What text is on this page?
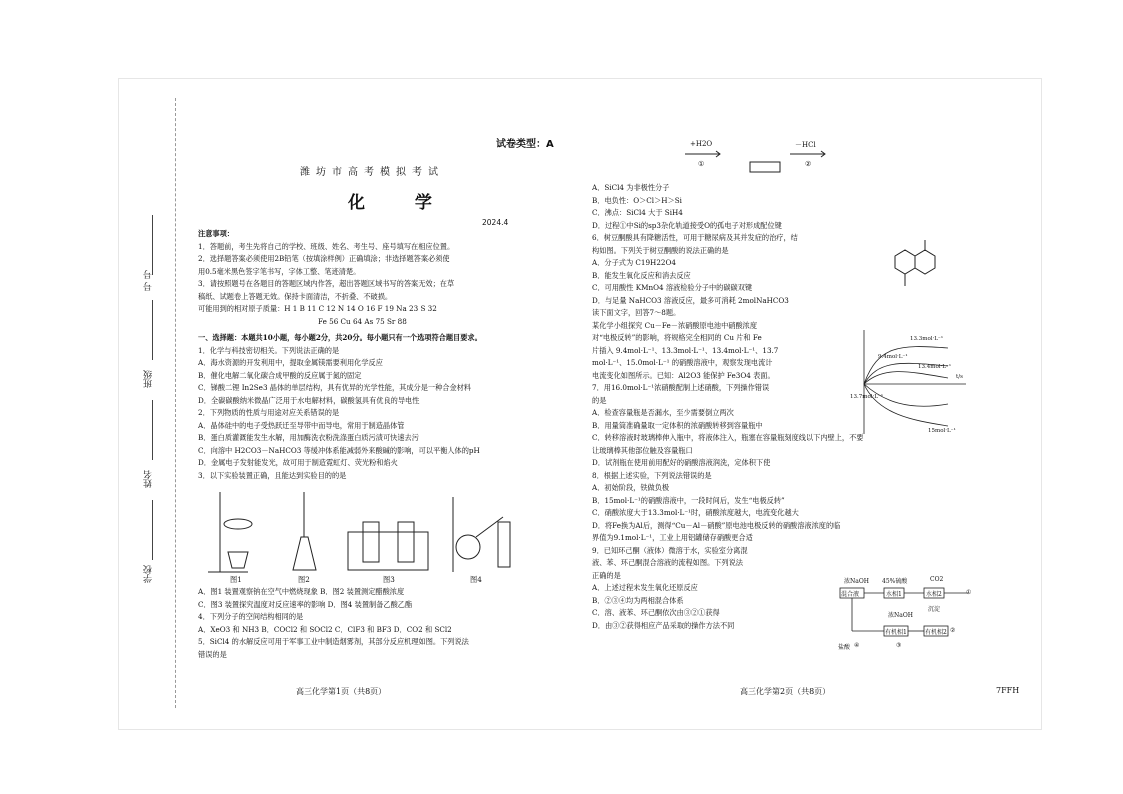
号 号
班级
姓名
学校
试卷类型：A
潍坊市高考模拟考试
化 学
2024.4

注意事项：

1．答题前，考生先将自己的学校、班级、姓名、考生号、座号填写在相应位置。

2．选择题答案必须使用2B铅笔（按填涂样例）正确填涂；非选择题答案必须使

用0.5毫米黑色签字笔书写，字体工整、笔迹清楚。

3．请按照题号在各题目的答题区域内作答，超出答题区域书写的答案无效；在草

稿纸、试题卷上答题无效。保持卡面清洁，不折叠、不破损。

可能用到的相对原子质量：H 1 B 11 C 12 N 14 O 16 F 19 Na 23 S 32

Fe 56 Cu 64 As 75 Sr 88

一、选择题：本题共10小题，每小题2分，共20分。每小题只有一个选项符合题目要求。

1．化学与科技密切相关。下列说法正确的是

A．海水资源的开发利用中，提取金属镁需要利用化学反应

B．催化电解二氧化碳合成甲酸的反应属于氮的固定

C．锑酸二锂 In2Se3 晶体的单层结构，具有优异的光学性能，其成分是一种合金材料

D．全碳碳酸纳米微晶广泛用于水电解材料，碳酸氢具有优良的导电性

2．下列物质的性质与用途对应关系错误的是

A．晶体硅中的电子受热跃迁至导带中而导电，常用于制造晶体管

B．蛋白质灌溉能发生水解，用加酶洗衣粉洗涤蛋白质污渍可快速去污

C．向溶中 H2CO3－NaHCO3 等缓冲体系能减弱外来酸碱的影响，可以平衡人体的pH

D．金属电子发射能发光，故可用于制造霓虹灯、荧光粉和焰火

3．以下实验装置正确，且能达到实验目的的是

图1	图2	图3	图4

A．图1 装置观察钠在空气中燃烧现象 B．图2 装置测定醋酸浓度

C．图3 装置探究温度对反应速率的影响 D．图4 装置制备乙酸乙酯

4．下列分子的空间结构相同的是

A．XeO3 和 NH3 B．COCl2 和 SOCl2 C．ClF3 和 BF3 D．CO2 和 SCl2

5．SiCl4 的水解反应可用于军事工业中制造烟雾剂，其部分反应机理如图。下列说法

错误的是

+H2O	－HCl
①	②
13.3mol·L⁻¹
9.4mol·L⁻¹
13.4mol·L⁻¹
13.7mol·L⁻¹
15mol·L⁻¹
t/s

A．SiCl4 为非极性分子

B．电负性：O＞Cl＞H＞Si

C．沸点：SiCl4 大于 SiH4

D．过程①中Si的sp3杂化轨道接受O的孤电子对形成配位键

6．树豆酮酸具有降糖活性，可用于糖尿病及其并发症的治疗，结

构如图。下列关于树豆酮酸的说法正确的是

A．分子式为 C19H22O4

B．能发生氧化反应和消去反应

C．可用酸性 KMnO4 溶液检验分子中的碳碳双键

D．与足量 NaHCO3 溶液反应，最多可消耗 2molNaHCO3

读下面文字，回答7～8题。

某化学小组探究 Cu－Fe－浓硝酸原电池中硝酸浓度

对“电极反转”的影响，将规格完全相同的 Cu 片和 Fe

片插入 9.4mol·L⁻¹、13.3mol·L⁻¹、13.4mol·L⁻¹、13.7

mol·L⁻¹、15.0mol·L⁻¹ 的硝酸溶液中，观察发现电流计

电流变化如图所示。已知：Al2O3 能保护 Fe3O4 表面。

7．用16.0mol·L⁻¹浓硝酸配制上述硝酸，下列操作错误

的是

A．检查容量瓶是否漏水，至少需要倒立两次

B．用量筒准确量取一定体积的浓硝酸转移到容量瓶中

C．转移溶液时玻璃棒伸入瓶中，将液体注入，瓶塞在容量瓶刻度线以下内壁上，不要

让玻璃棒其他部位触及容量瓶口

D．试剂瓶在使用前用配好的硝酸溶液润洗，定体积下使

8．根据上述实验，下列说法错误的是

A．初始阶段，铁做负极

B．15mol·L⁻¹的硝酸溶液中，一段时间后，发生“电极反转”

C．硝酸浓度大于13.3mol·L⁻¹时，硝酸浓度越大，电流变化越大

D．将Fe换为Al后，测得“Cu－Al－硝酸”原电池电极反转的硝酸溶液浓度的临

界值为9.1mol·L⁻¹，工业上用铝罐储存硝酸更合适

9．已知环己酮（液体）微溶于水，实验室分离混

液、苯、环己酮混合溶液的流程如图。下列说法

正确的是

A．上述过程未发生氧化还原反应

B．②③④均为两相混合体系

C．溶、液苯、环己酮依次由③②①获得

D．由③②获得相应产品采取的操作方法不同

混合液	水相1	水相2
有机相1	有机相2
浓NaOH 45%硫酸	CO2
盐酸
沉淀
浓NaOH
①
②
③
④
高三化学第1页（共8页）	高三化学第2页（共8页）	7FFH
